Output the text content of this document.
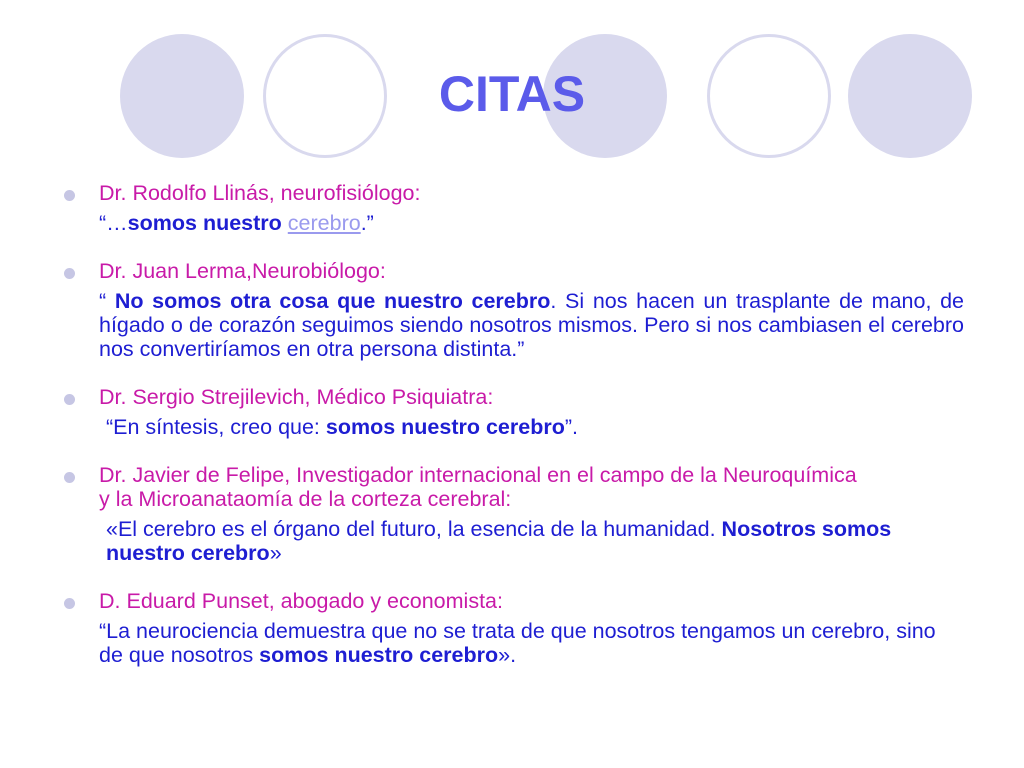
CITAS
Dr. Rodolfo Llinás, neurofisiólogo:
“…somos nuestro cerebro.”
Dr. Juan Lerma,Neurobiólogo:
“ No somos otra cosa que nuestro cerebro. Si nos hacen un trasplante de mano, de hígado o de corazón seguimos siendo nosotros mismos. Pero si nos cambiasen el cerebro nos convertiríamos en otra persona distinta.”
Dr. Sergio Strejilevich, Médico Psiquiatra:
“En síntesis, creo que: somos nuestro cerebro”.
Dr. Javier de Felipe, Investigador internacional en el campo de la Neuroquímica y la Microanataomía de la corteza cerebral:
«El cerebro es el órgano del futuro, la esencia de la humanidad. Nosotros somos nuestro cerebro»
D. Eduard Punset, abogado y economista:
“La neurociencia demuestra que no se trata de que nosotros tengamos un cerebro, sino de que nosotros somos nuestro cerebro».
